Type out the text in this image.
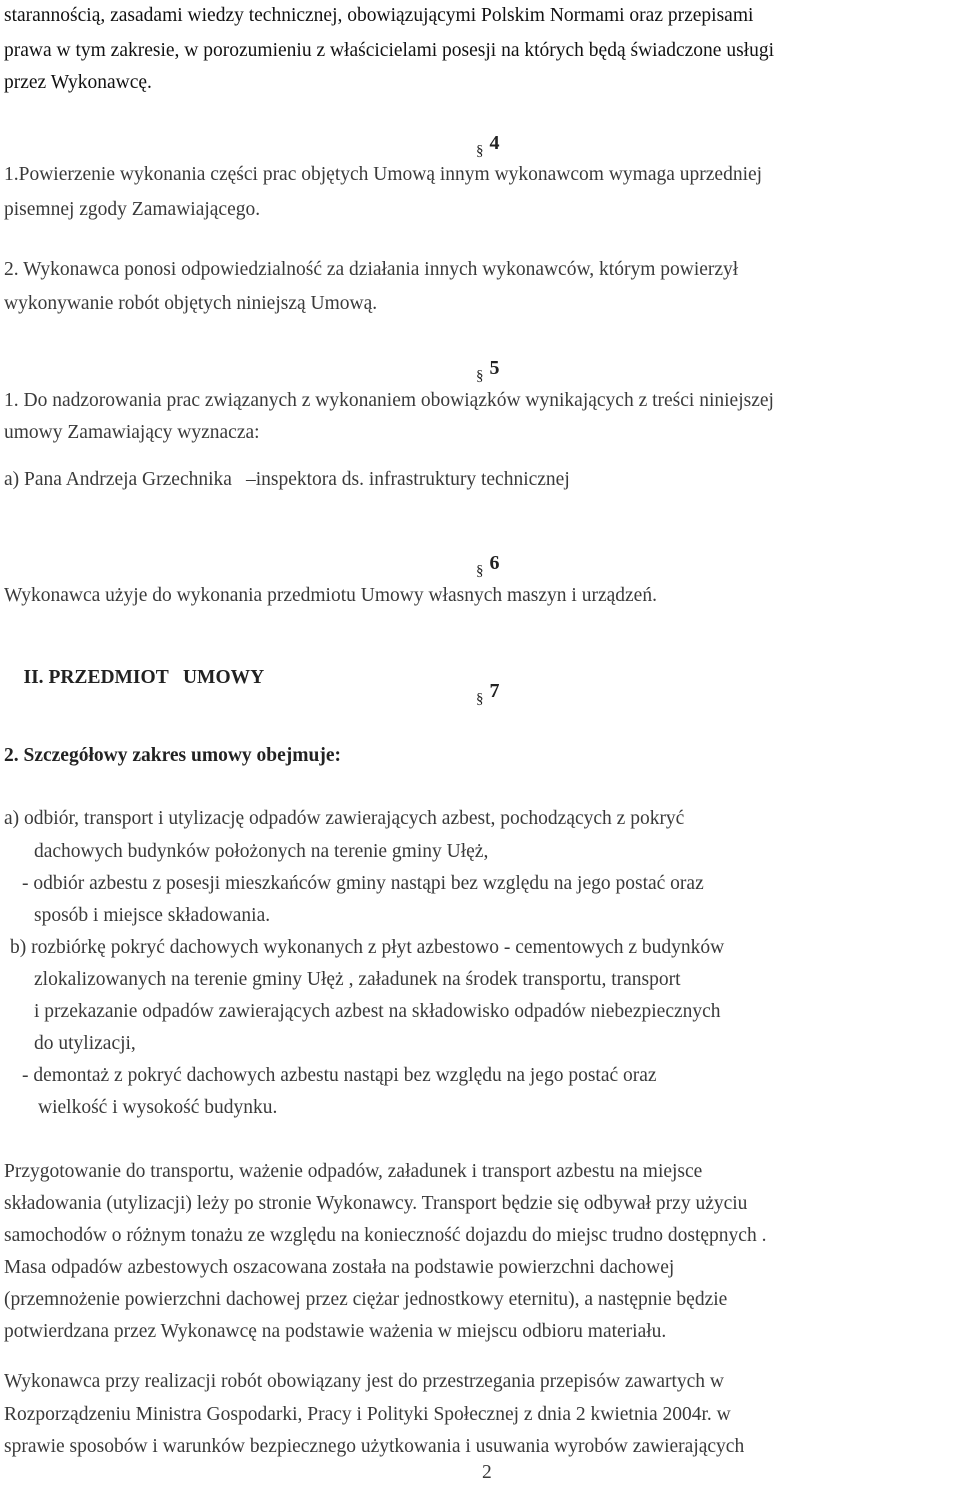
starannością, zasadami wiedzy technicznej, obowiązującymi Polskim Normami oraz przepisami
prawa w tym zakresie, w porozumieniu z właścicielami posesji na których będą świadczone usługi
przez Wykonawcę.
$_\S$ 4
1.Powierzenie wykonania części prac objętych Umową innym wykonawcom wymaga uprzedniej
pisemnej zgody Zamawiającego.
2. Wykonawca ponosi odpowiedzialność za działania innych wykonawców, którym powierzył
wykonywanie robót objętych niniejszą Umową.
$_\S$ 5
1. Do nadzorowania prac związanych z wykonaniem obowiązków wynikających z treści niniejszej
umowy Zamawiający wyznacza:
a) Pana Andrzeja Grzechnika –inspektora ds. infrastruktury technicznej
$_\S$ 6
Wykonawca użyje do wykonania przedmiotu Umowy własnych maszyn i urządzeń.

II. PRZEDMIOT   UMOWY

$_\S$ 7
2. Szczegółowy zakres umowy obejmuje:
a) odbiór, transport i utylizację odpadów zawierających azbest, pochodzących z pokryć
dachowych budynków położonych na terenie gminy Ułęż,
- odbiór azbestu z posesji mieszkańców gminy nastąpi bez względu na jego postać oraz
sposób i miejsce składowania.
b) rozbiórkę pokryć dachowych wykonanych z płyt azbestowo - cementowych z budynków
zlokalizowanych na terenie gminy Ułęż , załadunek na środek transportu, transport
i przekazanie odpadów zawierających azbest na składowisko odpadów niebezpiecznych
do utylizacji,
- demontaż z pokryć dachowych azbestu nastąpi bez względu na jego postać oraz
wielkość i wysokość budynku.
Przygotowanie do transportu, ważenie odpadów, załadunek i transport azbestu na miejsce
składowania (utylizacji) leży po stronie Wykonawcy. Transport będzie się odbywał przy użyciu
samochodów o różnym tonażu ze względu na konieczność dojazdu do miejsc trudno dostępnych .
Masa odpadów azbestowych oszacowana została na podstawie powierzchni dachowej
(przemnożenie powierzchni dachowej przez ciężar jednostkowy eternitu), a następnie będzie
potwierdzana przez Wykonawcę na podstawie ważenia w miejscu odbioru materiału.
Wykonawca przy realizacji robót obowiązany jest do przestrzegania przepisów zawartych w
Rozporządzeniu Ministra Gospodarki, Pracy i Polityki Społecznej z dnia 2 kwietnia 2004r. w
sprawie sposobów i warunków bezpiecznego użytkowania i usuwania wyrobów zawierających
2
